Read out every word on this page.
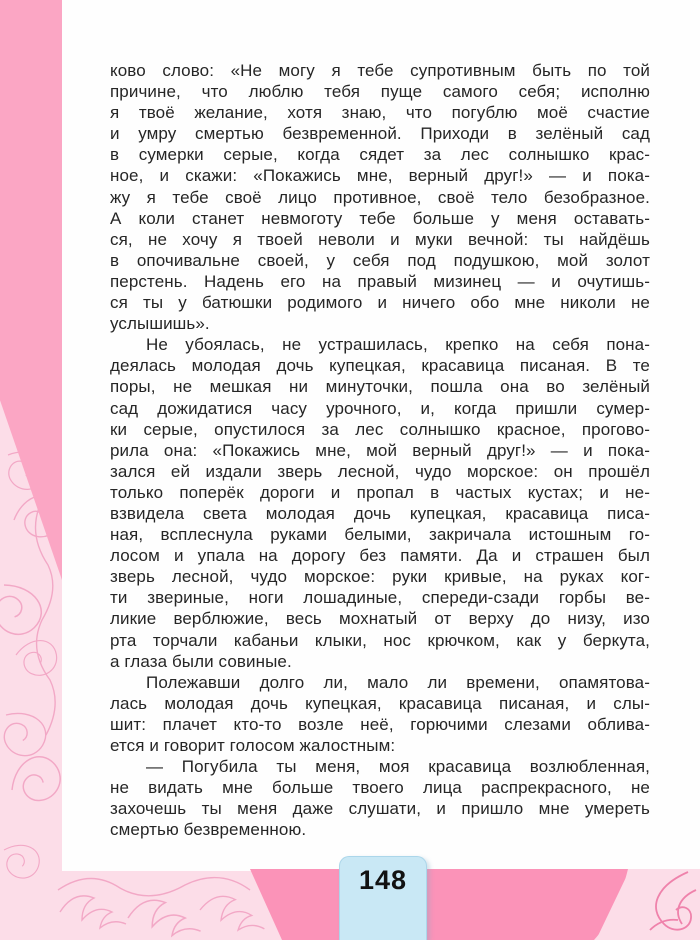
148
ково слово: «Не могу я тебе супротивным быть по той
причине, что люблю тебя пуще самого себя; исполню
я твоё желание, хотя знаю, что погублю моё счастие
и умру смертью безвременной. Приходи в зелёный сад
в сумерки серые, когда сядет за лес солнышко крас-
ное, и скажи: «Покажись мне, верный друг!» — и пока-
жу я тебе своё лицо противное, своё тело безобразное.
А коли станет невмоготу тебе больше у меня оставать-
ся, не хочу я твоей неволи и муки вечной: ты найдёшь
в опочивальне своей, у себя под подушкою, мой золот
перстень. Надень его на правый мизинец — и очутишь-
ся ты у батюшки родимого и ничего обо мне николи не
услышишь».
Не убоялась, не устрашилась, крепко на себя пона-
деялась молодая дочь купецкая, красавица писаная. В те
поры, не мешкая ни минуточки, пошла она во зелёный
сад дожидатися часу урочного, и, когда пришли сумер-
ки серые, опустилося за лес солнышко красное, прогово-
рила она: «Покажись мне, мой верный друг!» — и пока-
зался ей издали зверь лесной, чудо морское: он прошёл
только поперёк дороги и пропал в частых кустах; и не-
взвидела света молодая дочь купецкая, красавица писа-
ная, всплеснула руками белыми, закричала истошным го-
лосом и упала на дорогу без памяти. Да и страшен был
зверь лесной, чудо морское: руки кривые, на руках ког-
ти звериные, ноги лошадиные, спереди-сзади горбы ве-
ликие верблюжие, весь мохнатый от верху до низу, изо
рта торчали кабаньи клыки, нос крючком, как у беркута,
а глаза были совиные.
Полежавши долго ли, мало ли времени, опамятова-
лась молодая дочь купецкая, красавица писаная, и слы-
шит: плачет кто-то возле неё, горючими слезами облива-
ется и говорит голосом жалостным:
— Погубила ты меня, моя красавица возлюбленная,
не видать мне больше твоего лица распрекрасного, не
захочешь ты меня даже слушати, и пришло мне умереть
смертью безвременною.
